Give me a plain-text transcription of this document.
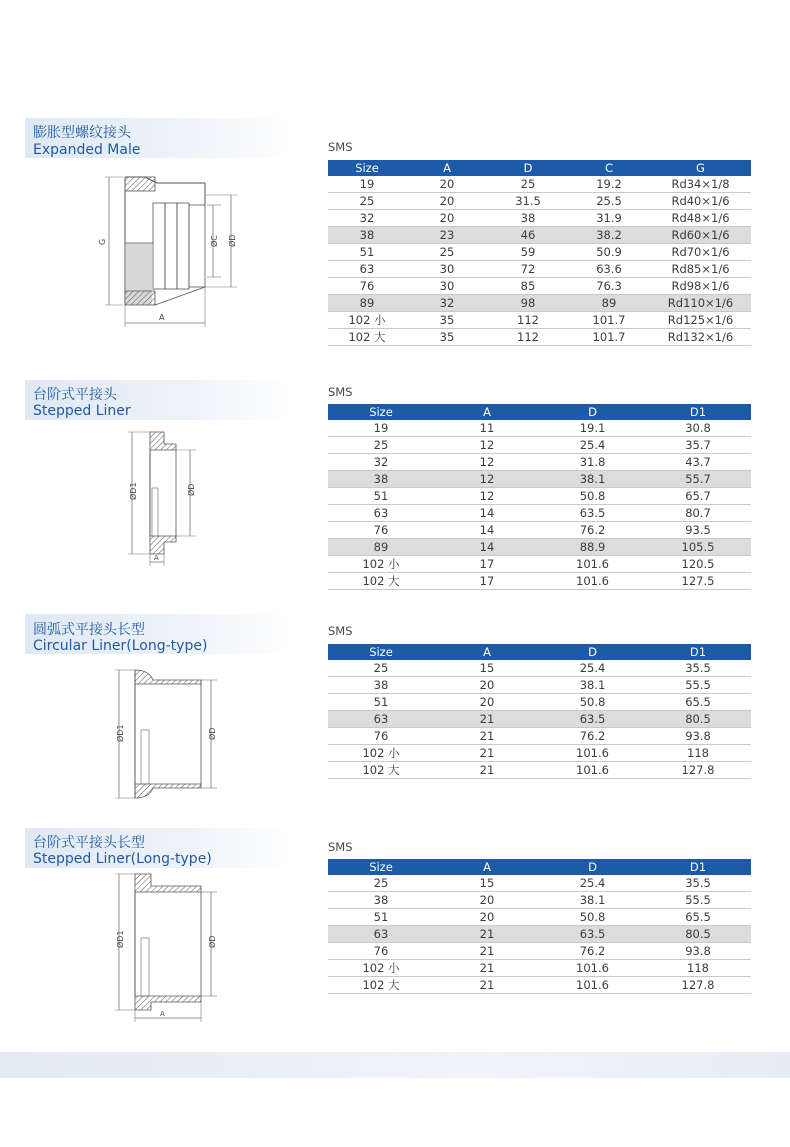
膨胀型螺纹接头
Expanded Male	SMS
Size	A	D	C	G
19	20	25	19.2	Rd34×1/8
25	20	31.5	25.5	Rd40×1/6
32	20	38	31.9	Rd48×1/6
38	23	46	38.2	Rd60×1/6
51	25	59	50.9	Rd70×1/6
63	30	72	63.6	Rd85×1/6
76	30	85	76.3	Rd98×1/6
89	32	98	89	Rd110×1/6
102 小	35	112	101.7	Rd125×1/6
102 大	35	112	101.7	Rd132×1/6
G	ØC ØD
A
台阶式平接头
Stepped Liner
SMS
Size	A	D	D1
19	11	19.1	30.8
25	12	25.4	35.7
32	12	31.8	43.7
38	12	38.1	55.7
51	12	50.8	65.7
63	14	63.5	80.7
76	14	76.2	93.5
89	14	88.9	105.5
102 小	17	101.6	120.5
102 大	17	101.6	127.5
ØD1	ØD
A
圆弧式平接头长型
Circular Liner(Long-type)
SMS
Size	A	D	D1
25	15	25.4	35.5
38	20	38.1	55.5
51	20	50.8	65.5
63	21	63.5	80.5
76	21	76.2	93.8
102 小	21	101.6	118
102 大	21	101.6	127.8
ØD1	ØD
台阶式平接头长型
Stepped Liner(Long-type)
SMS
Size	A	D	D1
25	15	25.4	35.5
38	20	38.1	55.5
51	20	50.8	65.5
63	21	63.5	80.5
76	21	76.2	93.8
102 小	21	101.6	118
102 大	21	101.6	127.8
ØD1	ØD
A
